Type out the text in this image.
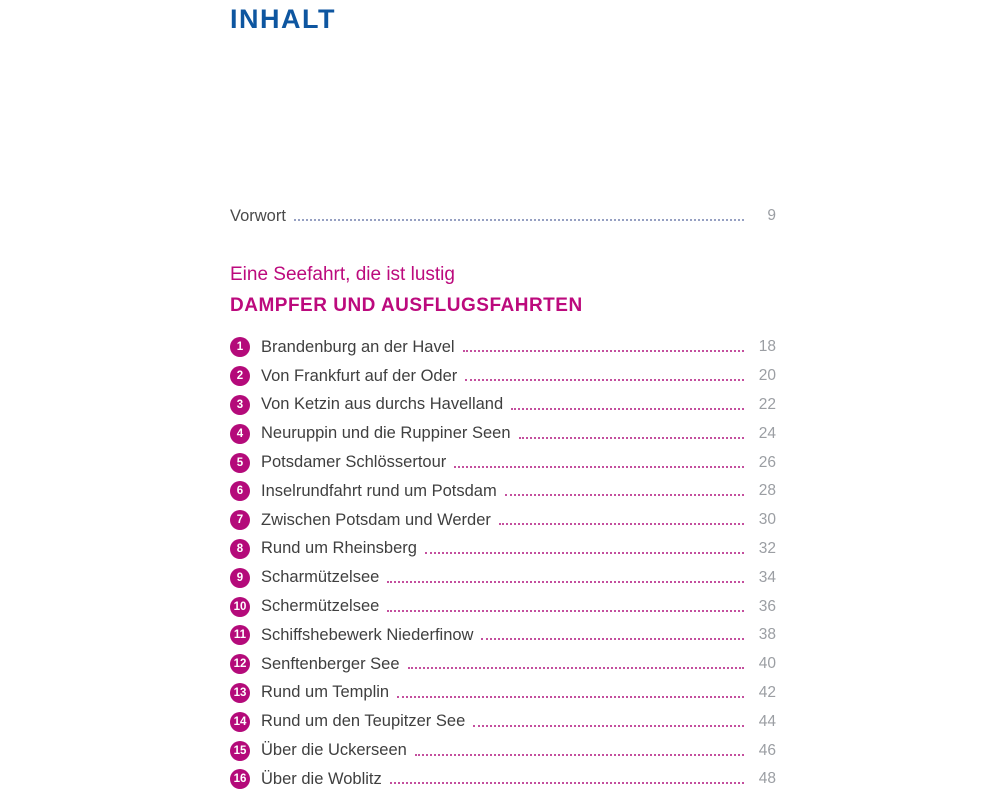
INHALT
Vorwort	9
Eine Seefahrt, die ist lustig
DAMPFER UND AUSFLUGSFAHRTEN
1	Brandenburg an der Havel	18
2	Von Frankfurt auf der Oder	20
3	Von Ketzin aus durchs Havelland	22
4	Neuruppin und die Ruppiner Seen	24
5	Potsdamer Schlössertour	26
6	Inselrundfahrt rund um Potsdam	28
7	Zwischen Potsdam und Werder	30
8	Rund um Rheinsberg	32
9	Scharmützelsee	34
10 Schermützelsee	36
11 Schiffshebewerk Niederfinow	38
12 Senftenberger See	40
13 Rund um Templin	42
14 Rund um den Teupitzer See	44
15 Über die Uckerseen	46
16 Über die Woblitz	48
